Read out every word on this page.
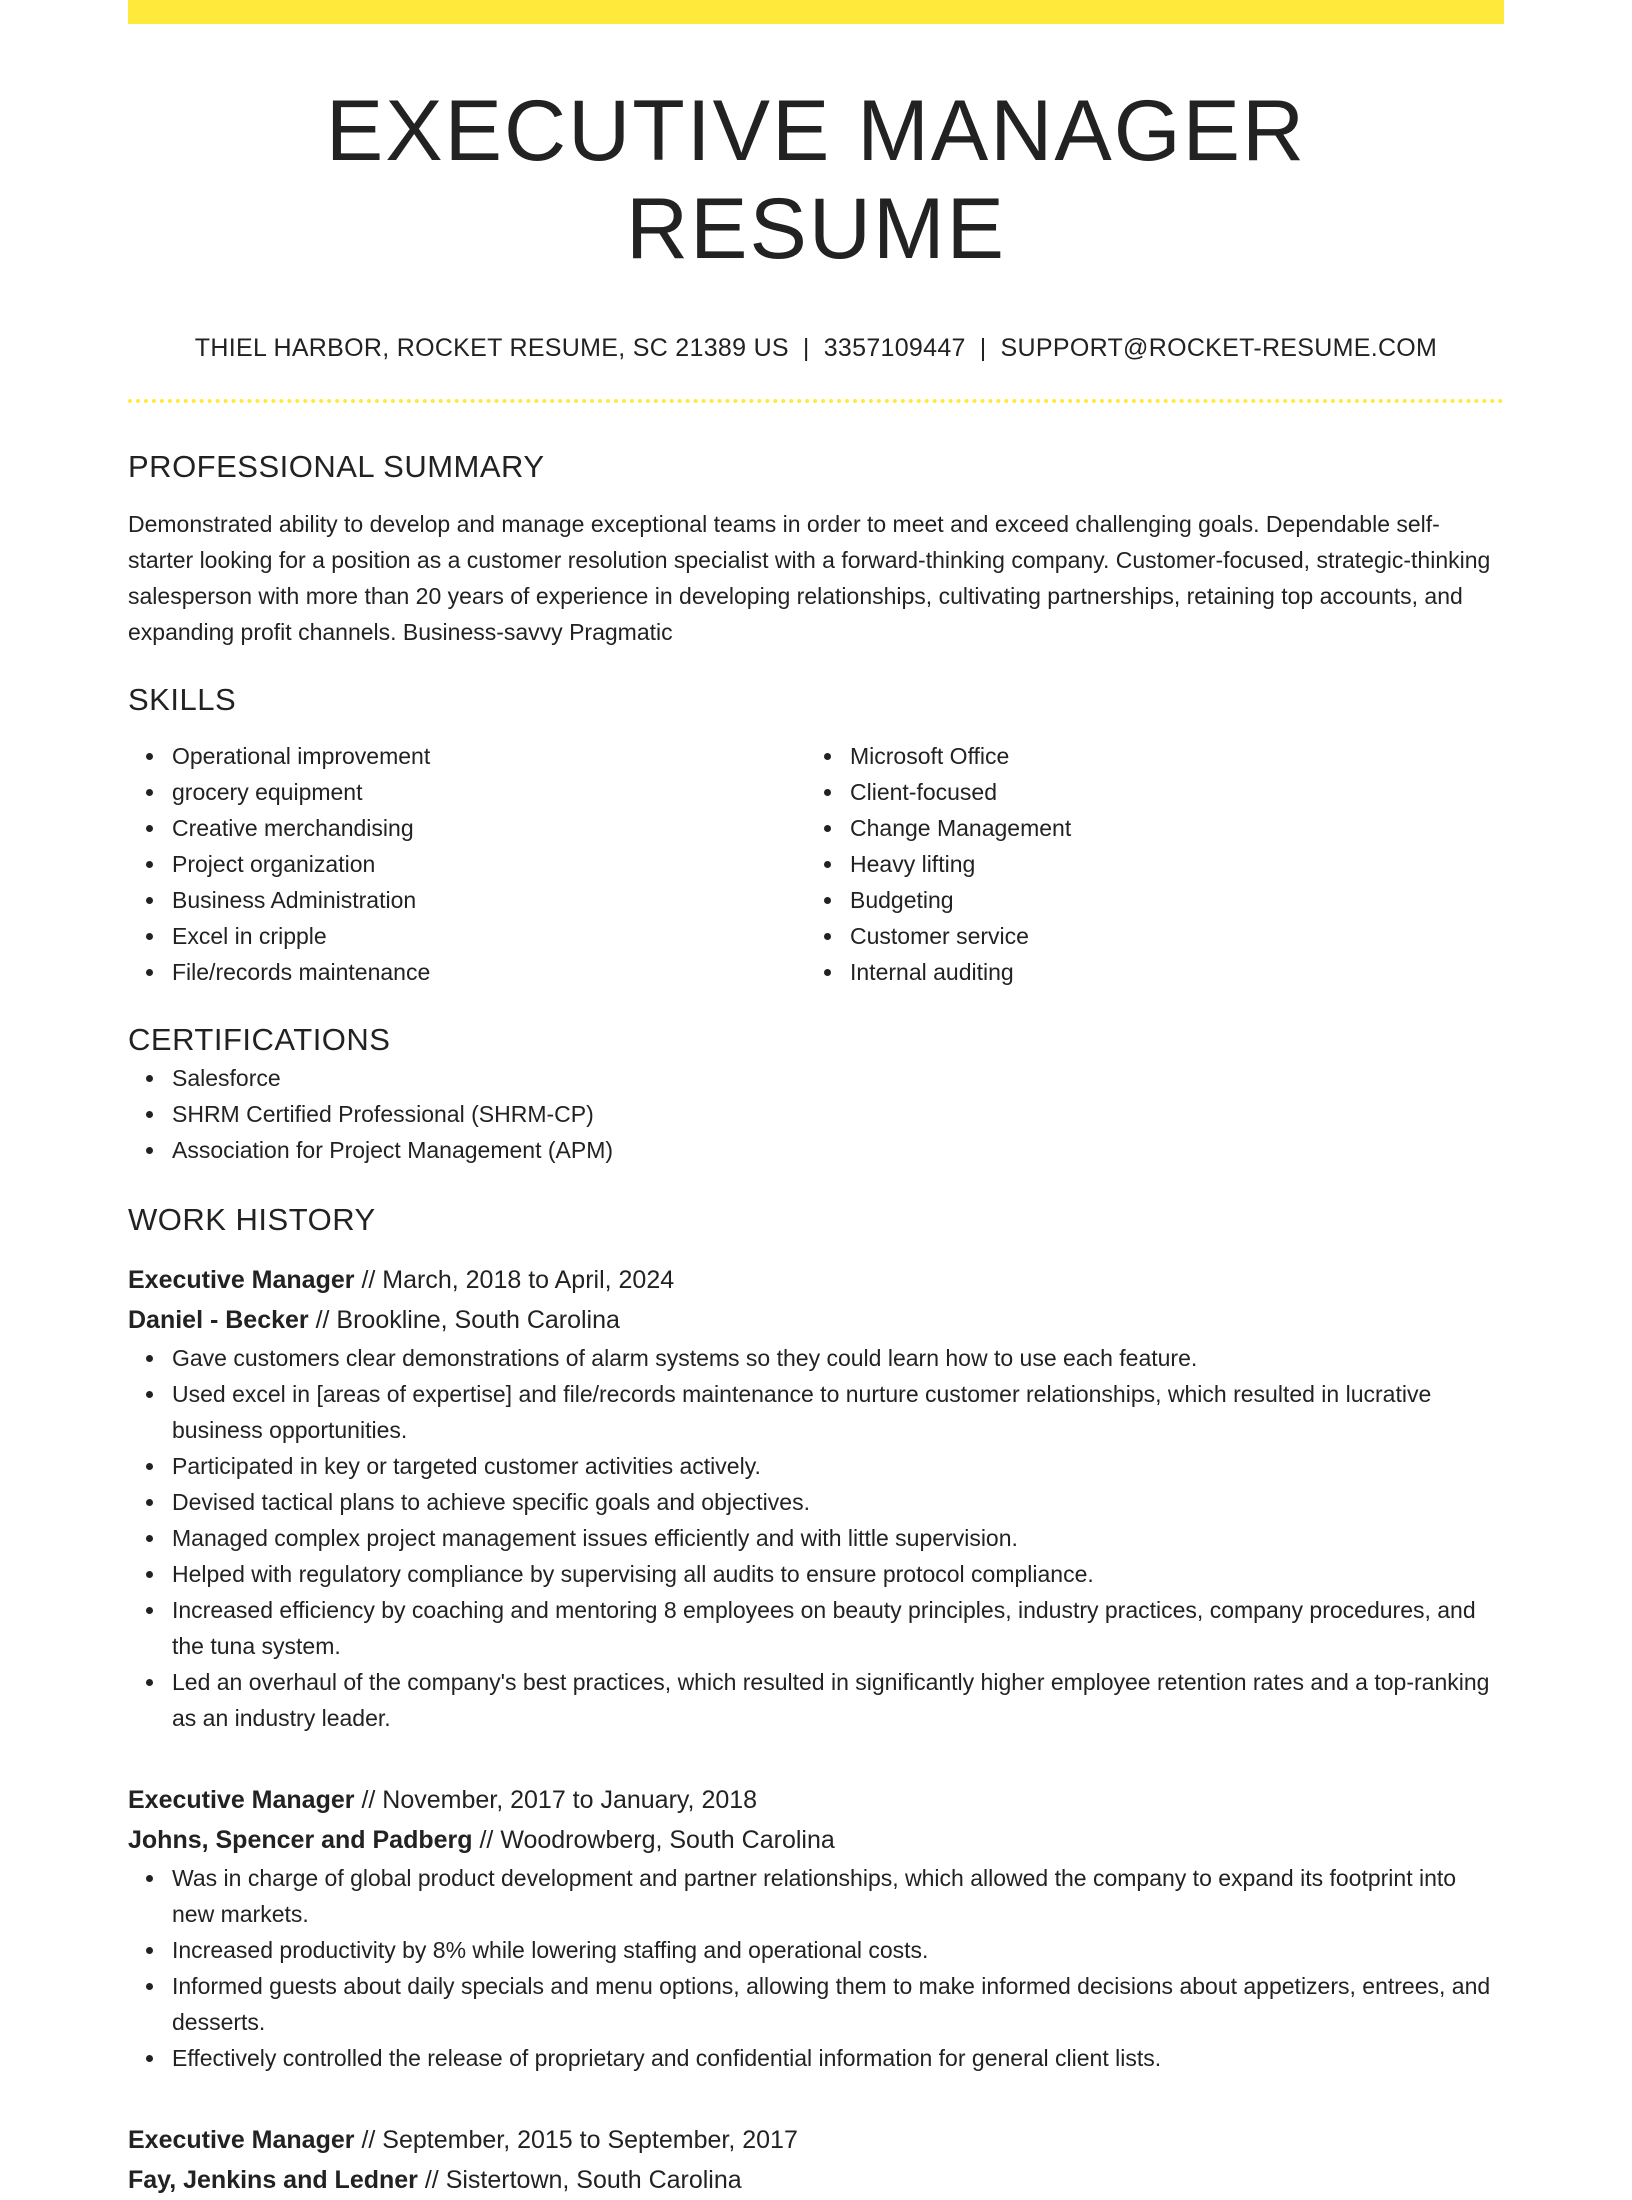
EXECUTIVE MANAGER RESUME
THIEL HARBOR, ROCKET RESUME, SC 21389 US | 3357109447 | SUPPORT@ROCKET-RESUME.COM
PROFESSIONAL SUMMARY
Demonstrated ability to develop and manage exceptional teams in order to meet and exceed challenging goals. Dependable self-starter looking for a position as a customer resolution specialist with a forward-thinking company. Customer-focused, strategic-thinking salesperson with more than 20 years of experience in developing relationships, cultivating partnerships, retaining top accounts, and expanding profit channels. Business-savvy Pragmatic
SKILLS
Operational improvement
grocery equipment
Creative merchandising
Project organization
Business Administration
Excel in cripple
File/records maintenance
Microsoft Office
Client-focused
Change Management
Heavy lifting
Budgeting
Customer service
Internal auditing
CERTIFICATIONS
Salesforce
SHRM Certified Professional (SHRM-CP)
Association for Project Management (APM)
WORK HISTORY
Executive Manager // March, 2018 to April, 2024
Daniel - Becker // Brookline, South Carolina
Gave customers clear demonstrations of alarm systems so they could learn how to use each feature.
Used excel in [areas of expertise] and file/records maintenance to nurture customer relationships, which resulted in lucrative business opportunities.
Participated in key or targeted customer activities actively.
Devised tactical plans to achieve specific goals and objectives.
Managed complex project management issues efficiently and with little supervision.
Helped with regulatory compliance by supervising all audits to ensure protocol compliance.
Increased efficiency by coaching and mentoring 8 employees on beauty principles, industry practices, company procedures, and the tuna system.
Led an overhaul of the company's best practices, which resulted in significantly higher employee retention rates and a top-ranking as an industry leader.
Executive Manager // November, 2017 to January, 2018
Johns, Spencer and Padberg // Woodrowberg, South Carolina
Was in charge of global product development and partner relationships, which allowed the company to expand its footprint into new markets.
Increased productivity by 8% while lowering staffing and operational costs.
Informed guests about daily specials and menu options, allowing them to make informed decisions about appetizers, entrees, and desserts.
Effectively controlled the release of proprietary and confidential information for general client lists.
Executive Manager // September, 2015 to September, 2017
Fay, Jenkins and Ledner // Sistertown, South Carolina
